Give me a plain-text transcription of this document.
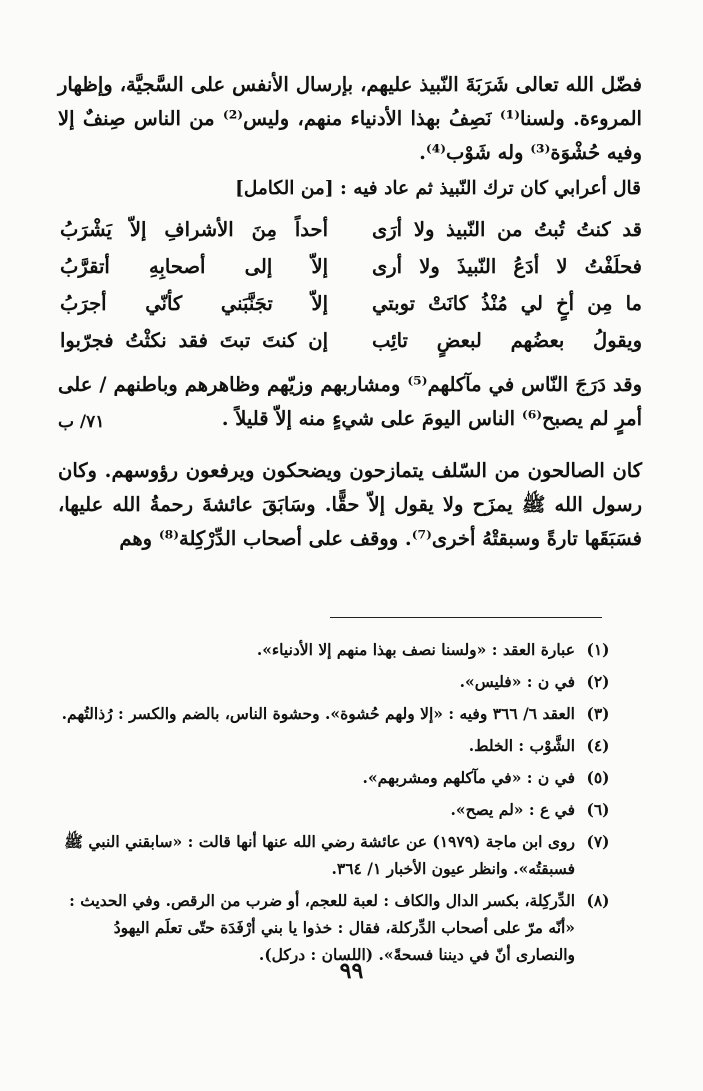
فضّل الله تعالى شَرَبَةَ النّبيذ عليهم، بإرسال الأنفس على السَّجيَّة، وإظهار المروءة. ولسنا⁽¹⁾ نَصِفُ بهذا الأدنياء منهم، وليس⁽²⁾ من الناس صِنفٌ إلا وفيه حُشْوَة⁽³⁾ وله شَوْب⁽⁴⁾.
قال أعرابي كان ترك النّبيذ ثم عاد فيه : [من الكامل]
قد كنتُ تُبتُ من النّبيذ ولا أرَى
أحداً مِنَ الأشرافِ إلاّ يَشْرَبُ
فحلَفْتُ لا أدَعُ النّبيذَ ولا أرى
إلاّ إلى أصحابِهِ أتقرَّبُ
ما مِن أخٍ لي مُنْذُ كانَتْ توبتي
إلاّ تجَنَّبَني كأنّي أجرَبُ
ويقولُ بعضُهم لبعضٍ تائِب
إن كنتَ تبتَ فقد نكثْتُ فجرّبوا
وقد دَرَجَ النّاس في مآكلهم⁽⁵⁾ ومشاربهم وزيّهم وظاهرهم وباطنهم / على أمرٍ لم يصبح⁽⁶⁾ الناس اليومَ على شيءٍ منه إلاّ قليلاً .
٧١/ ب
كان الصالحون من السّلف يتمازحون ويضحكون ويرفعون رؤوسهم. وكان رسول الله ﷺ يمزَح ولا يقول إلاّ حقًّا. وسَابَقَ عائشةَ رحمةُ الله عليها، فسَبَقَها تارةً وسبقتْهُ أخرى⁽⁷⁾. ووقف على أصحاب الدِّرْكِلة⁽⁸⁾ وهم
(١)
عبارة العقد : «ولسنا نصف بهذا منهم إلا الأدنياء».
(٢)
في ن : «فليس».
(٣)
العقد ٦/ ٣٦٦ وفيه : «إلا ولهم حُشوة». وحشوة الناس، بالضم والكسر : رُذالتُهم.
(٤)
الشَّوْب : الخلط.
(٥)
في ن : «في مآكلهم ومشربهم».
(٦)
في ع : «لم يصح».
(٧)
روى ابن ماجة (١٩٧٩) عن عائشة رضي الله عنها أنها قالت : «سابقني النبي ﷺ فسبقتُه». وانظر عيون الأخبار ١/ ٣٦٤.
(٨)
الدِّركِلة، بكسر الدال والكاف : لعبة للعجم، أو ضرب من الرقص. وفي الحديث : «أنّه مرّ على أصحاب الدِّركلة، فقال : خذوا يا بني أرْفَدَة حتّى تعلَم اليهودُ والنصارى أنّ في ديننا فسحةً». (اللسان : دركل).
٩٩
